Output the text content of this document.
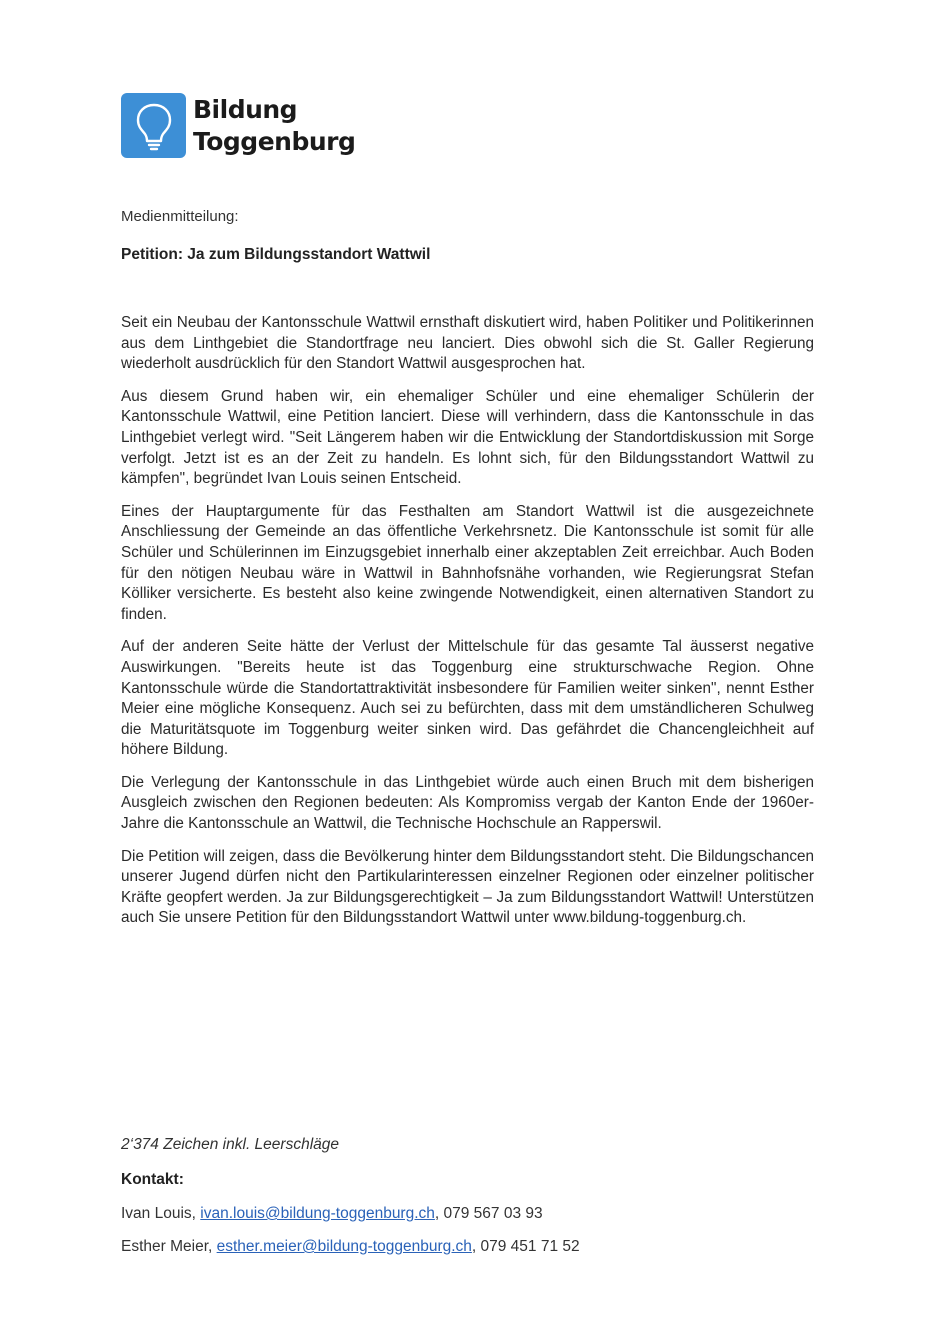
Bildung
Toggenburg
Medienmitteilung:
Petition: Ja zum Bildungsstandort Wattwil

Seit ein Neubau der Kantonsschule Wattwil ernsthaft diskutiert wird, haben Politiker und Politikerinnen aus dem Linthgebiet die Standortfrage neu lanciert. Dies obwohl sich die St. Galler Regierung wiederholt ausdrücklich für den Standort Wattwil ausgesprochen hat.

Aus diesem Grund haben wir, ein ehemaliger Schüler und eine ehemaliger Schülerin der Kantonsschule Wattwil, eine Petition lanciert. Diese will verhindern, dass die Kantonsschule in das Linthgebiet verlegt wird. "Seit Längerem haben wir die Entwicklung der Standortdiskussion mit Sorge verfolgt. Jetzt ist es an der Zeit zu handeln. Es lohnt sich, für den Bildungsstandort Wattwil zu kämpfen", begründet Ivan Louis seinen Entscheid.

Eines der Hauptargumente für das Festhalten am Standort Wattwil ist die ausgezeichnete Anschliessung der Gemeinde an das öffentliche Verkehrsnetz. Die Kantonsschule ist somit für alle Schüler und Schülerinnen im Einzugsgebiet innerhalb einer akzeptablen Zeit erreichbar. Auch Boden für den nötigen Neubau wäre in Wattwil in Bahnhofsnähe vorhanden, wie Regierungsrat Stefan Kölliker versicherte. Es besteht also keine zwingende Notwendigkeit, einen alternativen Standort zu finden.

Auf der anderen Seite hätte der Verlust der Mittelschule für das gesamte Tal äusserst negative Auswirkungen. "Bereits heute ist das Toggenburg eine strukturschwache Region. Ohne Kantonsschule würde die Standortattraktivität insbesondere für Familien weiter sinken", nennt Esther Meier eine mögliche Konsequenz. Auch sei zu befürchten, dass mit dem umständlicheren Schulweg die Maturitätsquote im Toggenburg weiter sinken wird. Das gefährdet die Chancengleichheit auf höhere Bildung.

Die Verlegung der Kantonsschule in das Linthgebiet würde auch einen Bruch mit dem bisherigen Ausgleich zwischen den Regionen bedeuten: Als Kompromiss vergab der Kanton Ende der 1960er-Jahre die Kantonsschule an Wattwil, die Technische Hochschule an Rapperswil.

Die Petition will zeigen, dass die Bevölkerung hinter dem Bildungsstandort steht. Die Bildungschancen unserer Jugend dürfen nicht den Partikularinteressen einzelner Regionen oder einzelner politischer Kräfte geopfert werden. Ja zur Bildungsgerechtigkeit – Ja zum Bildungsstandort Wattwil! Unterstützen auch Sie unsere Petition für den Bildungsstandort Wattwil unter www.bildung-toggenburg.ch.

2‘374 Zeichen inkl. Leerschläge
Kontakt:
Ivan Louis, ivan.louis@bildung-toggenburg.ch, 079 567 03 93
Esther Meier, esther.meier@bildung-toggenburg.ch, 079 451 71 52
